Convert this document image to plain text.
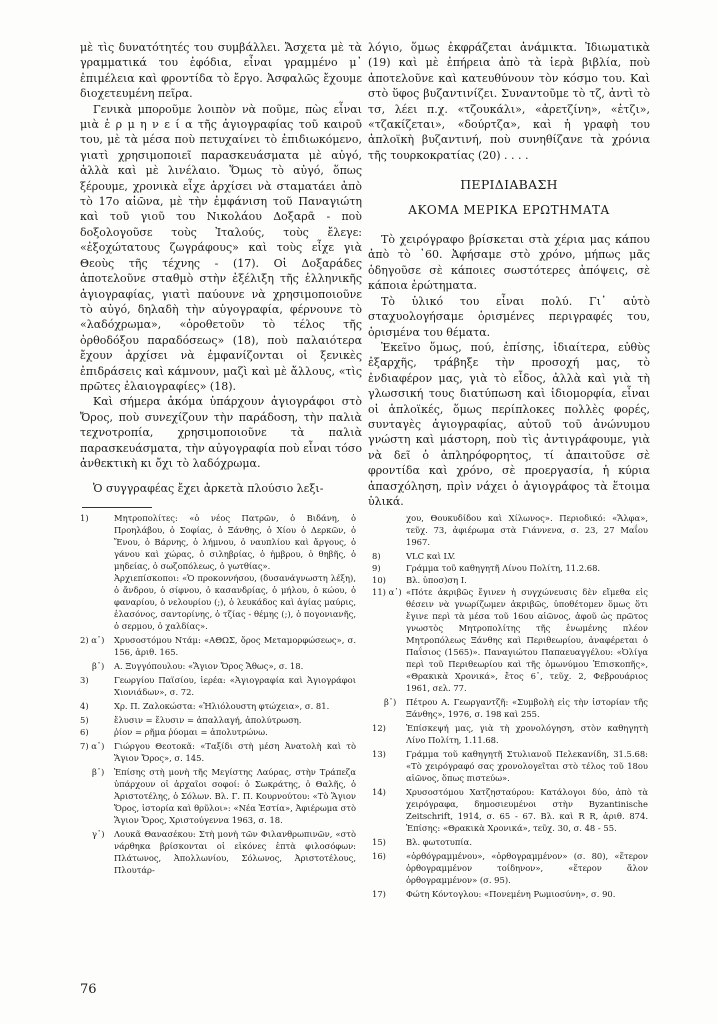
μὲ τὶς δυνατότητές του συμβάλλει. Ἄσχετα μὲ τὰ γραμματικά του ἐφόδια, εἶναι γραμμένο μ᾽ ἐπιμέλεια καὶ φροντίδα τὸ ἔργο. Ἀσφαλῶς ἔχουμε διοχετευμένη πεῖρα.

Γενικὰ μποροῦμε λοιπὸν νὰ ποῦμε, πὼς εἶναι μιὰ ἑ ρ μ η ν ε ί α τῆς ἁγιογραφίας τοῦ καιροῦ του, μὲ τὰ μέσα ποὺ πετυχαίνει τὸ ἐπιδιωκόμενο, γιατὶ χρησιμοποιεῖ παρασκευάσματα μὲ αὐγό, ἀλλὰ καὶ μὲ λινέλαιο. Ὅμως τὸ αὐγό, ὅπως ξέρουμε, χρονικὰ εἶχε ἀρχίσει νὰ σταματάει ἀπὸ τὸ 17ο αἰῶνα, μὲ τὴν ἐμφάνιση τοῦ Παναγιώτη καὶ τοῦ γιοῦ του Νικολάου Δοξαρᾶ - ποὺ δοξολογοῦσε τοὺς Ἰταλούς, τοὺς ἔλεγε: «ἐξοχώτατους ζωγράφους» καὶ τοὺς εἶχε γιὰ Θεοὺς τῆς τέχνης - (17). Οἱ Δοξαράδες ἀποτελοῦνε σταθμὸ στὴν ἐξέλιξη τῆς ἑλληνικῆς ἁγιογραφίας, γιατὶ παύουνε νὰ χρησιμοποιοῦνε τὸ αὐγό, δηλαδὴ τὴν αὐγογραφία, φέρνουνε τὸ «λαδόχρωμα», «ὁροθετοῦν τὸ τέλος τῆς ὀρθοδόξου παραδόσεως» (18), ποὺ παλαιότερα ἔχουν ἀρχίσει νὰ ἐμφανίζονται οἱ ξενικὲς ἐπιδράσεις καὶ κάμνουν, μαζὶ καὶ μὲ ἄλλους, «τὶς πρῶτες ἐλαιογραφίες» (18).

Καὶ σήμερα ἀκόμα ὑπάρχουν ἁγιογράφοι στὸ Ὄρος, ποὺ συνεχίζουν τὴν παράδοση, τὴν παλιὰ τεχνοτροπία, χρησιμοποιοῦνε τὰ παλιὰ παρασκευάσματα, τὴν αὐγογραφία ποὺ εἶναι τόσο ἀνθεκτικὴ κι ὄχι τὸ λαδόχρωμα.

Ὁ συγγραφέας ἔχει ἀρκετὰ πλούσιο λεξι-

λόγιο, ὅμως ἐκφράζεται ἀνάμικτα. Ἰδιωματικὰ (19) καὶ μὲ ἐπήρεια ἀπὸ τὰ ἱερὰ βιβλία, ποὺ ἀποτελοῦνε καὶ κατευθύνουν τὸν κόσμο του. Καὶ στὸ ὕφος βυζαντινίζει. Συναντοῦμε τὸ τζ, ἀντὶ τὸ τσ, λέει π.χ. «τζουκάλι», «ἀρετζίνη», «ἐτζι», «τζακίζεται», «δούρτζα», καὶ ἡ γραφὴ του ἀπλοϊκὴ βυζαντινή, ποὺ συνηθίζανε τὰ χρόνια τῆς τουρκοκρατίας (20) . . . .

ΠΕΡΙΔΙΑΒΑΣΗ

ΑΚΟΜΑ ΜΕΡΙΚΑ ΕΡΩΤΗΜΑΤΑ

Τὸ χειρόγραφο βρίσκεται στὰ χέρια μας κάπου ἀπὸ τὸ ᾿60. Ἀφήσαμε στὸ χρόνο, μήπως μᾶς ὁδηγοῦσε σὲ κάποιες σωστότερες ἀπόψεις, σὲ κάποια ἐρώτηματα.

Τὸ ὑλικό του εἶναι πολύ. Γι᾽ αὐτὸ σταχυολογήσαμε ὁρισμένες περιγραφές του, ὁρισμένα του θέματα.

Ἐκεῖνο ὅμως, πού, ἐπίσης, ἰδιαίτερα, εὐθὺς ἐξαρχῆς, τράβηξε τὴν προσοχή μας, τὸ ἐνδιαφέρον μας, γιὰ τὸ εἶδος, ἀλλὰ καὶ γιὰ τὴ γλωσσική τους διατύπωση καὶ ἰδιομορφία, εἶναι οἱ ἁπλοϊκές, ὅμως περίπλοκες πολλὲς φορές, συνταγὲς ἁγιογραφίας, αὐτοῦ τοῦ ἀνώνυμου γνώστη καὶ μάστορη, ποὺ τὶς ἀντιγράφουμε, γιὰ νὰ δεῖ ὁ ἀπληρόφορητος, τί ἀπαιτοῦσε σὲ φροντίδα καὶ χρόνο, σὲ προεργασία, ἡ κύρια ἀπασχόληση, πρὶν νάχει ὁ ἁγιογράφος τὰ ἕτοιμα ὑλικά.

1)	Μητροπολίτες: «ὁ νέος Πατρῶν, ὁ Βιδάνη, ὁ Προηλάβου, ὁ Σοφίας, ὁ Ξάνθης, ὁ Χίου ὁ Δερκῶν, ὁ Ἔνου, ὁ Βάρνης, ὁ λήμνου, ὁ ναυπλίου καὶ ἄργους, ὁ γάνου καὶ χώρας, ὁ σιληβρίας, ὁ ἠμβρου, ὁ θηβῆς, ὁ μηδείας, ὁ σωζοπόλεως, ὁ γωτθίας».

Ἀρχιεπίσκοποι: «Ὁ προκοννήσου, (δυσανάγνωστη λέξη), ὁ ἄνδρου, ὁ σίφνου, ὁ κασανδρίας, ὁ μήλου, ὁ κώου, ὁ φαναρίου, ὁ νελουρίου (;), ὁ λευκάδος καὶ ἁγίας μαύρις, ἐλασόνος, σαντορίνης, ὁ τζίας - θέμης (;), ὁ πογονιανῆς, ὁ σερμου, ὁ χαλδίας».

2) α᾽) Χρυσοστόμου Ντάμ: «ΑΘΩΣ, ὄρος Μεταμορφώσεως», σ. 156, ἀριθ. 165.

β᾽) Α. Ξυγγόπουλου: «Ἅγιον Ὄρος Ἄθως», σ. 18.

3)	Γεωργίου Παϊσίου, ἱερέα: «Ἁγιογραφία καὶ Ἁγιογράφοι Χιονιάδων», σ. 72.

4)	Χρ. Π. Ζαλοκώστα: «Ἡλιόλουστη φτώχεια», σ. 81.

5)	ἔλυσιν = ἔλυσιν = ἀπαλλαγή, ἀπολύτρωση.

6)	ῥίον = ρῆμα ῥύομαι = ἀπολυτρώνω.

7) α᾽) Γιώργου Θεοτοκᾶ: «Ταξίδι στὴ μέση Ἀνατολὴ καὶ τὸ Ἅγιον Ὄρος», σ. 145.

β᾽) Ἐπίσης στὴ μονὴ τῆς Μεγίστης Λαύρας, στὴν Τράπεζα ὑπάρχουν οἱ ἀρχαῖοι σοφοί: ὁ Σωκράτης, ὁ Θαλῆς, ὁ Ἀριστοτέλης, ὁ Σόλων. Βλ. Γ. Π. Κουρνούτου: «Τὸ Ἅγιον Ὄρος, ἱστορία καὶ θρῦλοι»: «Νέα Ἑστία», Ἀφιέρωμα στὸ Ἅγιον Ὄρος, Χριστούγεννα 1963, σ. 18.

γ᾽) Λουκᾶ Θανασέκου: Στὴ μονὴ τῶν Φιλανθρωπινῶν, «στὸ νάρθηκα βρίσκονται οἱ εἰκόνες ἑπτὰ φιλοσόφων: Πλάτωνος, Ἀπολλωνίου, Σόλωνος, Ἀριστοτέλους, Πλουτάρ-

χου, Θουκυδίδου καὶ Χίλωνος». Περιοδικό: «Ἄλφα», τεῦχ. 73, ἀφιέρωμα στὰ Γιάννενα, σ. 23, 27 Μαΐου 1967.

8)	VLC καὶ LV.

9)	Γράμμα τοῦ καθηγητῆ Λίνου Πολίτη, 11.2.68.

10) Βλ. ὑποσ)ση Ι.

11) α᾽) «Πότε ἀκριβῶς ἔγινεν ἡ συγχώνευσις δὲν εἴμεθα εἰς θέσειν νὰ γνωρίζωμεν ἀκριβῶς, ὑποθέτομεν ὅμως ὅτι ἔγινε περὶ τὰ μέσα τοῦ 16ου αἰῶνος, ἀφοῦ ὡς πρῶτος γνωστὸς Μητροπολίτης τῆς ἑνωμένης πλέον Μητροπόλεως Ξάνθης καὶ Περιθεωρίου, ἀναφέρεται ὁ Παΐσιος (1565)». Παναγιώτου Παπαευαγγέλου: «Ὀλίγα περὶ τοῦ Περιθεωρίου καὶ τῆς ὁμωνύμου Ἐπισκοπῆς», «Θρακικὰ Χρονικά», ἔτος 6᾽, τεῦχ. 2, Φεβρουάριος 1961, σελ. 77.

β᾽) Πέτρου Α. Γεωργαντζῆ: «Συμβολὴ εἰς τὴν ἱστορίαν τῆς Ξάνθης», 1976, σ. 198 καὶ 255.

12) Ἐπίσκεψή μας, γιὰ τὴ χρονολόγηση, στὸν καθηγητὴ Λίνο Πολίτη, 1.11.68.

13) Γράμμα τοῦ καθηγητῆ Στυλιανοῦ Πελεκανίδη, 31.5.68: «Τὸ χειρόγραφό σας χρονολογεῖται στὸ τέλος τοῦ 18ου αἰῶνος, ὅπως πιστεύω».

14) Χρυσοστόμου Χατζησταύρου: Κατάλογοι δύο, ἀπὸ τὰ χειρόγραφα, δημοσιευμένοι στὴν Byzantinische Zeitschrift, 1914, σ. 65 - 67. Βλ. καὶ R R, ἀριθ. 874. Ἐπίσης: «Θρακικὰ Χρονικά», τεῦχ. 30, σ. 48 - 55.

15) Βλ. φωτοτυπία.

16) «ὀρθόγραμμένου», «ὀρθογραμμένον» (σ. 80), «ἕτερον ὀρθογραμμένον τοίδηνον», «ἕτερον ἄλον ὀρθογραμμένον» (σ. 95).

17) Φώτη Κόντογλου: «Πονεμένη Ρωμιοσύνη», σ. 90.

76
